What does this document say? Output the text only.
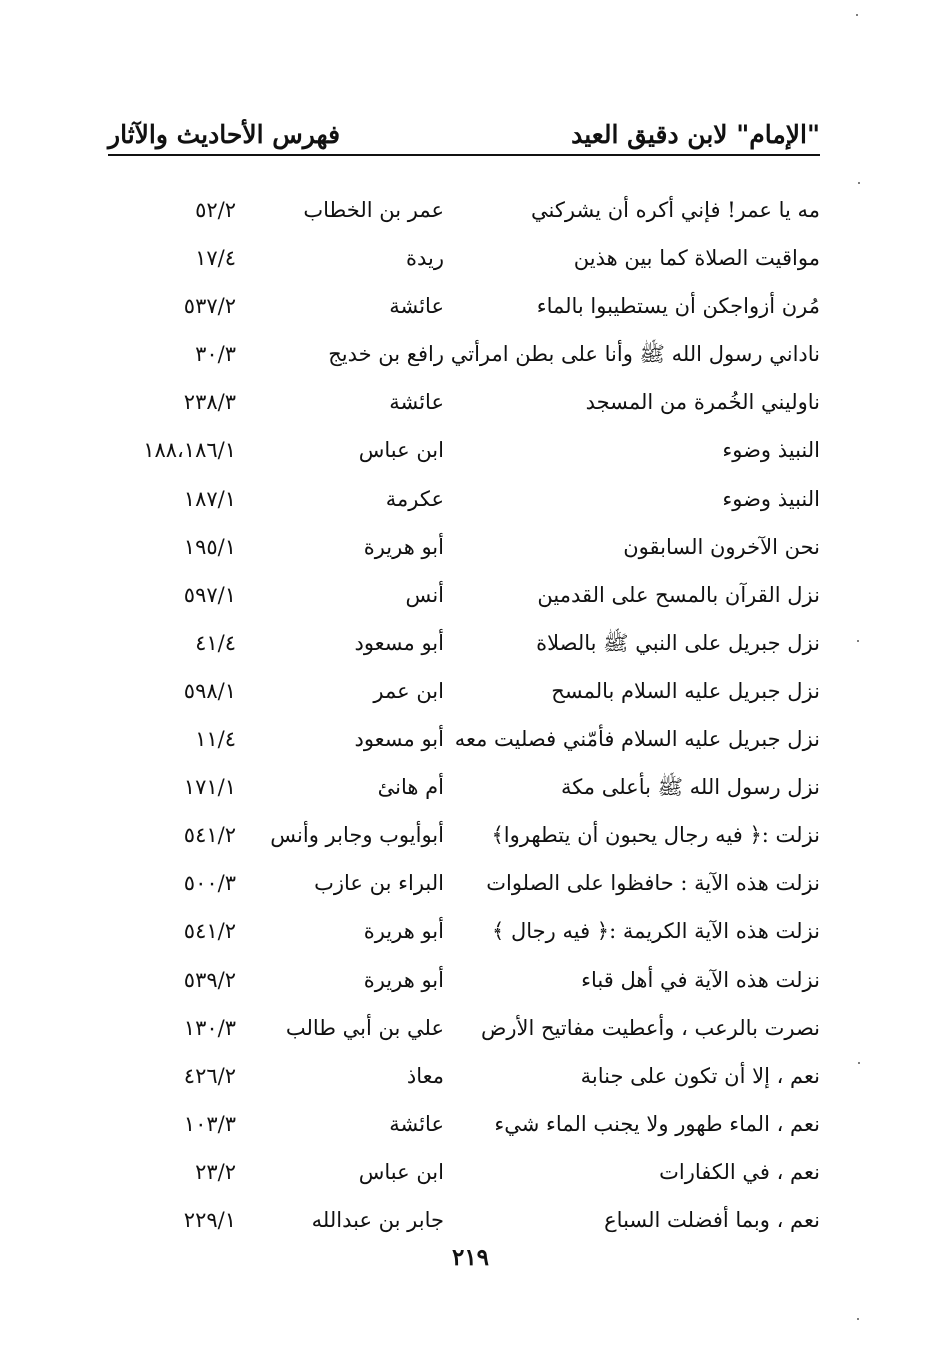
"الإمام" لابن دقيق العيد
فهرس الأحاديث والآثار
مه يا عمر! فإني أكره أن يشركني
عمر بن الخطاب
٥٢/٢
مواقيت الصلاة كما بين هذين
ريدة
١٧/٤
مُرن أزواجكن أن يستطيبوا بالماء
عائشة
٥٣٧/٢
ناداني رسول الله ﷺ وأنا على بطن امرأتي
رافع بن خديج
٣٠/٣
ناوليني الخُمرة من المسجد
عائشة
٢٣٨/٣
النبيذ وضوء
ابن عباس
١٨٨،١٨٦/١
النبيذ وضوء
عكرمة
١٨٧/١
نحن الآخرون السابقون
أبو هريرة
١٩٥/١
نزل القرآن بالمسح على القدمين
أنس
٥٩٧/١
نزل جبريل على النبي ﷺ بالصلاة
أبو مسعود
٤١/٤
نزل جبريل عليه السلام بالمسح
ابن عمر
٥٩٨/١
نزل جبريل عليه السلام فأمّني فصليت معه
أبو مسعود
١١/٤
نزل رسول الله ﷺ بأعلى مكة
أم هانئ
١٧١/١
نزلت :﴿ فيه رجال يحبون أن يتطهروا﴾
أبوأيوب وجابر وأنس
٥٤١/٢
نزلت هذه الآية : حافظوا على الصلوات
البراء بن عازب
٥٠٠/٣
نزلت هذه الآية الكريمة :﴿ فيه رجال ﴾
أبو هريرة
٥٤١/٢
نزلت هذه الآية في أهل قباء
أبو هريرة
٥٣٩/٢
نصرت بالرعب ، وأعطيت مفاتيح الأرض
علي بن أبي طالب
١٣٠/٣
نعم ، إلا أن تكون على جنابة
معاذ
٤٢٦/٢
نعم ، الماء طهور ولا يجنب الماء شيء
عائشة
١٠٣/٣
نعم ، في الكفارات
ابن عباس
٢٣/٢
نعم ، وبما أفضلت السباع
جابر بن عبدالله
٢٢٩/١
٢١٩
